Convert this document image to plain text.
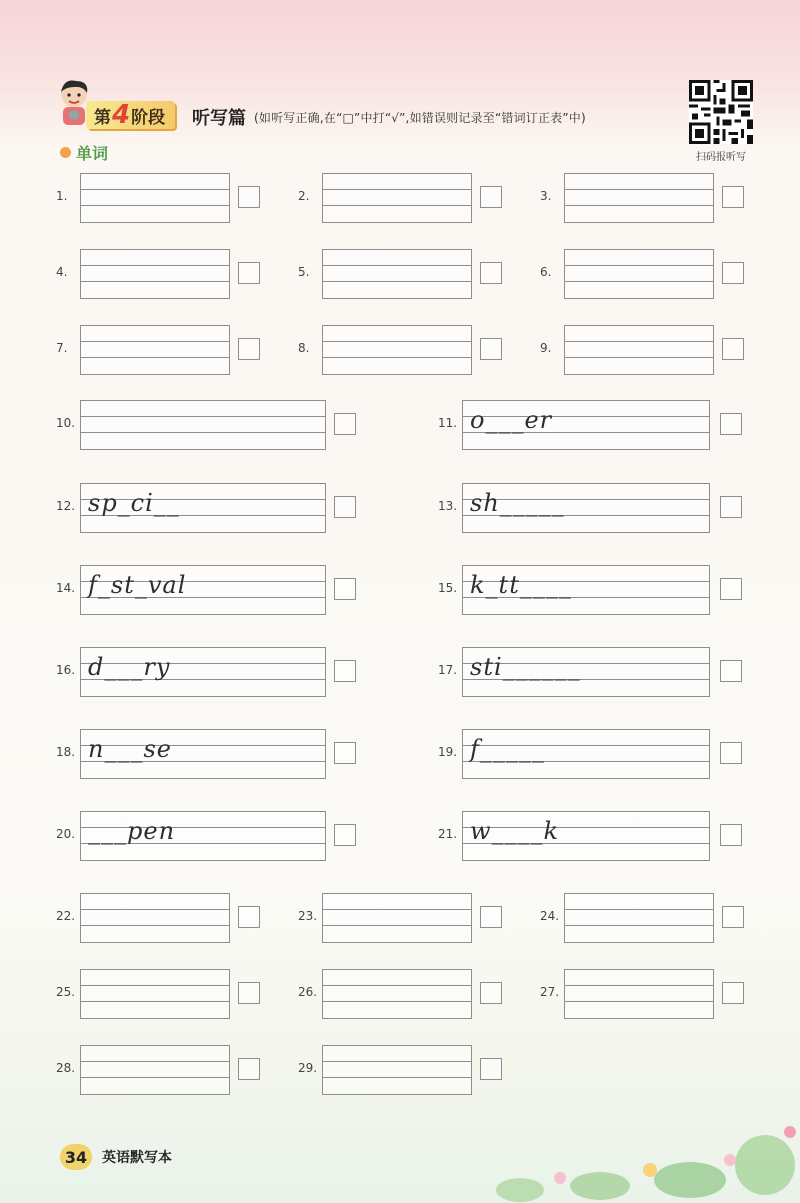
第 4 阶段 听写篇 (如听写正确,在“□”中打“√”,如错误则记录至“错词订正表”中)
扫码报听写
单词
1.	2.	3.
4.	5.	6.
7.	8.	9.
10.	11. o___er
12. sp_ci__	13. sh_____
14. f_st_val	15. k_tt____
16. d___ry	17. sti______
18. n___se	19. f_____
20. ___pen	21. w____k
22.	23.	24.
25.	26.	27.
28.	29.
34	英语默写本
